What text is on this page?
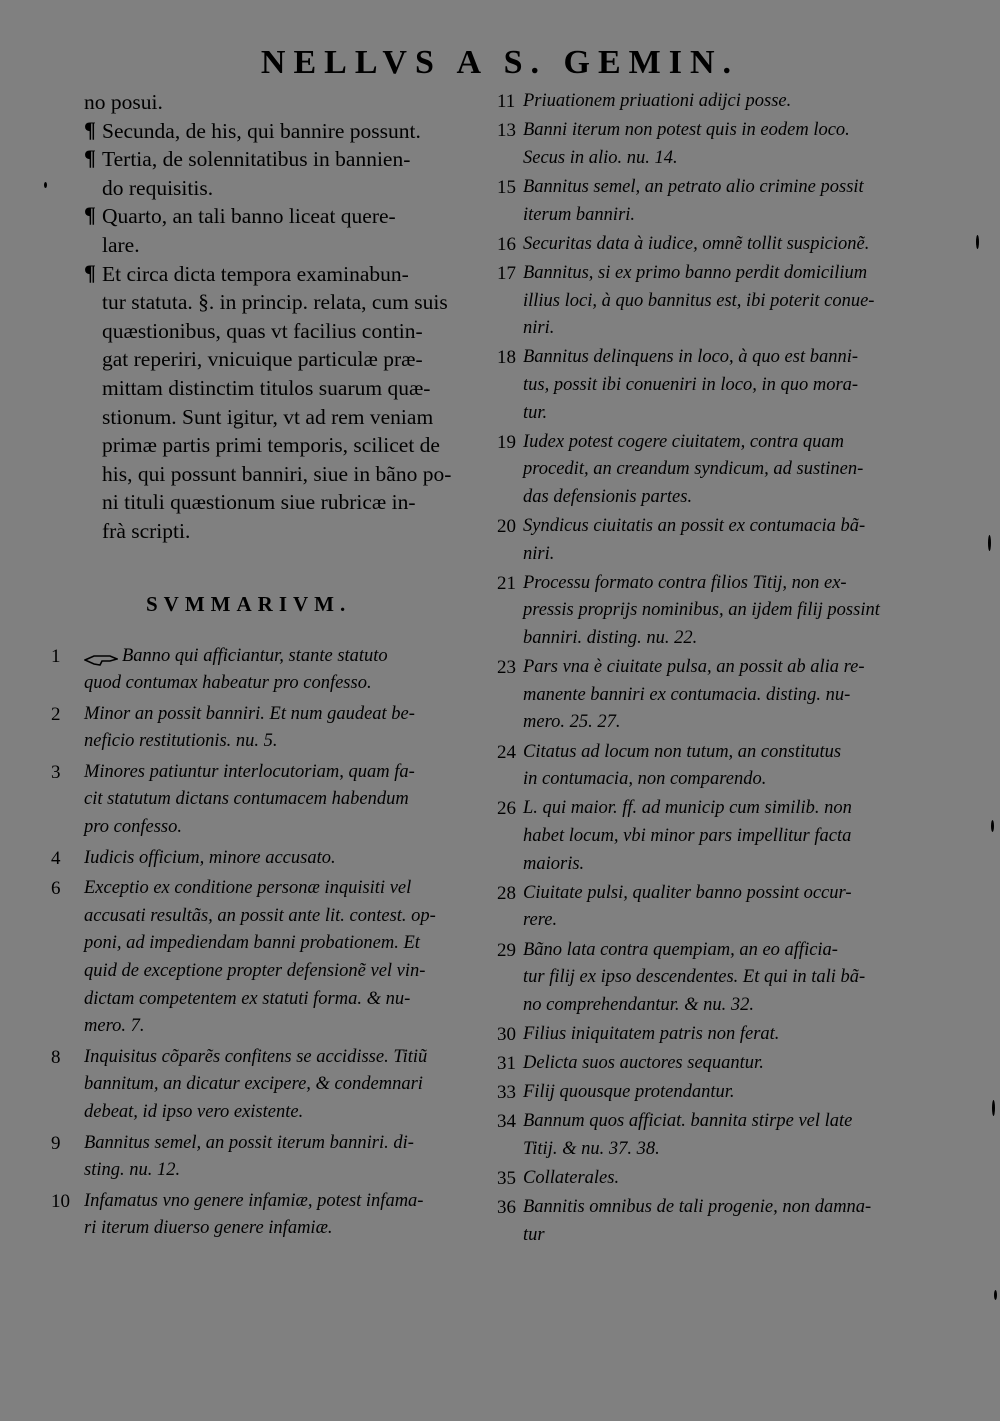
NELLVS A S. GEMIN.
no posui.
¶ Secunda, de his, qui bannire possunt.
¶ Tertia, de solennitatibus in bannien-
do requisitis.
¶ Quarto, an tali banno liceat quere-
lare.
¶ Et circa dicta tempora examinabun-
tur statuta. §. in princip. relata, cum suis
quæstionibus, quas vt facilius contin-
gat reperiri, vnicuique particulæ præ-
mittam distinctim titulos suarum quæ-
stionum. Sunt igitur, vt ad rem veniam
primæ partis primi temporis, scilicet de
his, qui possunt banniri, siue in bãno po-
ni tituli quæstionum siue rubricæ in-
frà scripti.
SVMMARIVM.
1	Banno qui afficiantur, stante statuto
quod contumax habeatur pro confesso.
2	Minor an possit banniri. Et num gaudeat be-
neficio restitutionis. nu. 5.
3	Minores patiuntur interlocutoriam, quam fa-
cit statutum dictans contumacem habendum
pro confesso.
4	Iudicis officium, minore accusato.
6	Exceptio ex conditione personæ inquisiti vel
accusati resultãs, an possit ante lit. contest. op-
poni, ad impediendam banni probationem. Et
quid de exceptione propter defensionẽ vel vin-
dictam competentem ex statuti forma. & nu-
mero. 7.
8	Inquisitus cõparẽs confitens se accidisse. Titiũ
bannitum, an dicatur excipere, & condemnari
debeat, id ipso vero existente.
9	Bannitus semel, an possit iterum banniri. di-
sting. nu. 12.
10 Infamatus vno genere infamiæ, potest infama-
ri iterum diuerso genere infamiæ.
11 Priuationem priuationi adijci posse.
13 Banni iterum non potest quis in eodem loco.
Secus in alio. nu. 14.
15 Bannitus semel, an petrato alio crimine possit
iterum banniri.
16 Securitas data à iudice, omnẽ tollit suspicionẽ.
17 Bannitus, si ex primo banno perdit domicilium
illius loci, à quo bannitus est, ibi poterit conue-
niri.
18 Bannitus delinquens in loco, à quo est banni-
tus, possit ibi conueniri in loco, in quo mora-
tur.
19 Iudex potest cogere ciuitatem, contra quam
procedit, an creandum syndicum, ad sustinen-
das defensionis partes.
20 Syndicus ciuitatis an possit ex contumacia bã-
niri.
21 Processu formato contra filios Titij, non ex-
pressis proprijs nominibus, an ijdem filij possint
banniri. disting. nu. 22.
23 Pars vna è ciuitate pulsa, an possit ab alia re-
manente banniri ex contumacia. disting. nu-
mero. 25. 27.
24 Citatus ad locum non tutum, an constitutus
in contumacia, non comparendo.
26 L. qui maior. ff. ad municip cum similib. non
habet locum, vbi minor pars impellitur facta
maioris.
28 Ciuitate pulsi, qualiter banno possint occur-
rere.
29 Bãno lata contra quempiam, an eo afficia-
tur filij ex ipso descendentes. Et qui in tali bã-
no comprehendantur. & nu. 32.
30 Filius iniquitatem patris non ferat.
31 Delicta suos auctores sequantur.
33 Filij quousque protendantur.
34 Bannum quos afficiat. bannita stirpe vel late
Titij. & nu. 37. 38.
35 Collaterales.
36 Bannitis omnibus de tali progenie, non damna-
tur
